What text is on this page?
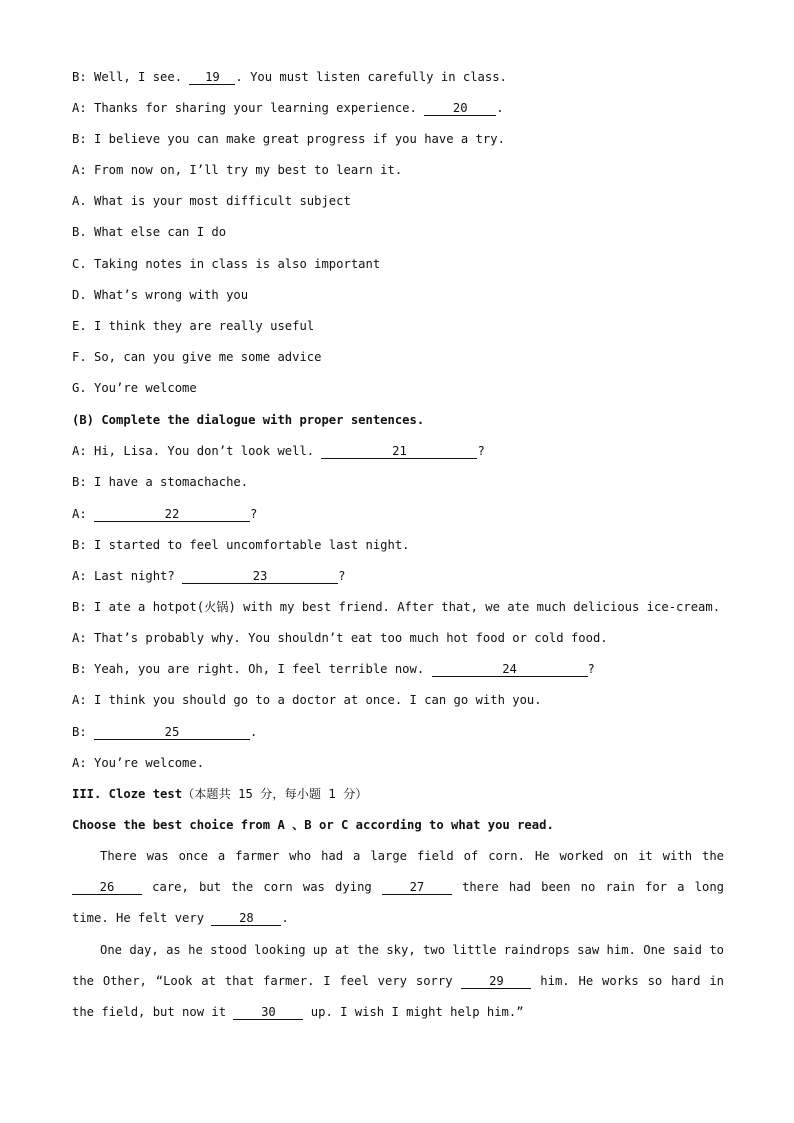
B: Well, I see. 19 . You must listen carefully in class.
A: Thanks for sharing your learning experience. 20 .
B: I believe you can make great progress if you have a try.
A: From now on, I’ll try my best to learn it.
A. What is your most difficult subject
B. What else can I do
C. Taking notes in class is also important
D. What’s wrong with you
E. I think they are really useful
F. So, can you give me some advice
G. You’re welcome
(B) Complete the dialogue with proper sentences.
A: Hi, Lisa. You don’t look well.	21	?
B: I have a stomachache.
A:	22	?
B: I started to feel uncomfortable last night.
A: Last night?	23	?
B: I ate a hotpot(火锅) with my best friend. After that, we ate much delicious ice-cream.
A: That’s probably why. You shouldn’t eat too much hot food or cold food.
B: Yeah, you are right. Oh, I feel terrible now.	24	?
A: I think you should go to a doctor at once. I can go with you.
B:	25	.
A: You’re welcome.
III. Cloze test（本题共 15 分，每小题 1 分）
Choose the best choice from A 、B or C according to what you read.
There was once a farmer who had a large field of corn. He worked on it with the 26 care, but the corn was dying 27 there had been no rain for a long time. He felt very 28 .
One day, as he stood looking up at the sky, two little raindrops saw him. One said to the Other, “Look at that farmer. I feel very sorry 29 him. He works so hard in the field, but now it 30 up. I wish I might help him.”
